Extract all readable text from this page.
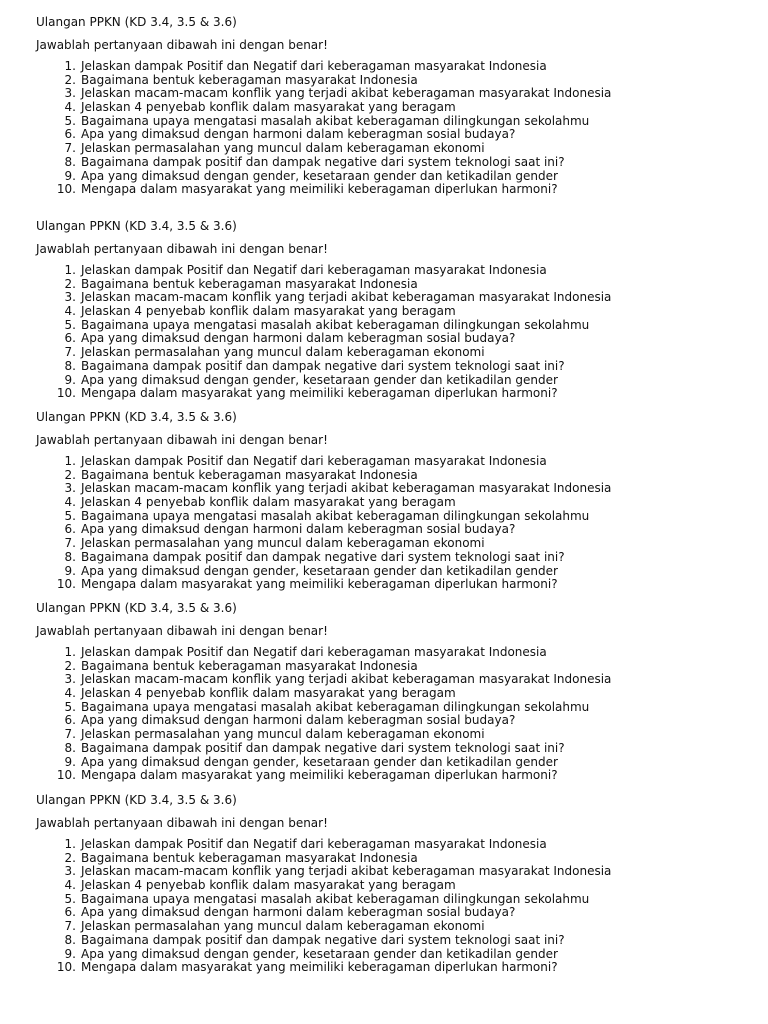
Ulangan PPKN (KD 3.4, 3.5 & 3.6)

Jawablah pertanyaan dibawah ini dengan benar!

1. Jelaskan dampak Positif dan Negatif dari keberagaman masyarakat Indonesia
2. Bagaimana bentuk keberagaman masyarakat Indonesia
3. Jelaskan macam-macam konflik yang terjadi akibat keberagaman masyarakat Indonesia
4. Jelaskan 4 penyebab konflik dalam masyarakat yang beragam
5. Bagaimana upaya mengatasi masalah akibat keberagaman dilingkungan sekolahmu
6. Apa yang dimaksud dengan harmoni dalam keberagman sosial budaya?
7. Jelaskan permasalahan yang muncul dalam keberagaman ekonomi
8. Bagaimana dampak positif dan dampak negative dari system teknologi saat ini?
9. Apa yang dimaksud dengan gender, kesetaraan gender dan ketikadilan gender
10. Mengapa dalam masyarakat yang meimiliki keberagaman diperlukan harmoni?
Ulangan PPKN (KD 3.4, 3.5 & 3.6)

Jawablah pertanyaan dibawah ini dengan benar!

1. Jelaskan dampak Positif dan Negatif dari keberagaman masyarakat Indonesia
2. Bagaimana bentuk keberagaman masyarakat Indonesia
3. Jelaskan macam-macam konflik yang terjadi akibat keberagaman masyarakat Indonesia
4. Jelaskan 4 penyebab konflik dalam masyarakat yang beragam
5. Bagaimana upaya mengatasi masalah akibat keberagaman dilingkungan sekolahmu
6. Apa yang dimaksud dengan harmoni dalam keberagman sosial budaya?
7. Jelaskan permasalahan yang muncul dalam keberagaman ekonomi
8. Bagaimana dampak positif dan dampak negative dari system teknologi saat ini?
9. Apa yang dimaksud dengan gender, kesetaraan gender dan ketikadilan gender
10. Mengapa dalam masyarakat yang meimiliki keberagaman diperlukan harmoni?
Ulangan PPKN (KD 3.4, 3.5 & 3.6)

Jawablah pertanyaan dibawah ini dengan benar!

1. Jelaskan dampak Positif dan Negatif dari keberagaman masyarakat Indonesia
2. Bagaimana bentuk keberagaman masyarakat Indonesia
3. Jelaskan macam-macam konflik yang terjadi akibat keberagaman masyarakat Indonesia
4. Jelaskan 4 penyebab konflik dalam masyarakat yang beragam
5. Bagaimana upaya mengatasi masalah akibat keberagaman dilingkungan sekolahmu
6. Apa yang dimaksud dengan harmoni dalam keberagman sosial budaya?
7. Jelaskan permasalahan yang muncul dalam keberagaman ekonomi
8. Bagaimana dampak positif dan dampak negative dari system teknologi saat ini?
9. Apa yang dimaksud dengan gender, kesetaraan gender dan ketikadilan gender
10. Mengapa dalam masyarakat yang meimiliki keberagaman diperlukan harmoni?
Ulangan PPKN (KD 3.4, 3.5 & 3.6)

Jawablah pertanyaan dibawah ini dengan benar!

1. Jelaskan dampak Positif dan Negatif dari keberagaman masyarakat Indonesia
2. Bagaimana bentuk keberagaman masyarakat Indonesia
3. Jelaskan macam-macam konflik yang terjadi akibat keberagaman masyarakat Indonesia
4. Jelaskan 4 penyebab konflik dalam masyarakat yang beragam
5. Bagaimana upaya mengatasi masalah akibat keberagaman dilingkungan sekolahmu
6. Apa yang dimaksud dengan harmoni dalam keberagman sosial budaya?
7. Jelaskan permasalahan yang muncul dalam keberagaman ekonomi
8. Bagaimana dampak positif dan dampak negative dari system teknologi saat ini?
9. Apa yang dimaksud dengan gender, kesetaraan gender dan ketikadilan gender
10. Mengapa dalam masyarakat yang meimiliki keberagaman diperlukan harmoni?
Ulangan PPKN (KD 3.4, 3.5 & 3.6)

Jawablah pertanyaan dibawah ini dengan benar!

1. Jelaskan dampak Positif dan Negatif dari keberagaman masyarakat Indonesia
2. Bagaimana bentuk keberagaman masyarakat Indonesia
3. Jelaskan macam-macam konflik yang terjadi akibat keberagaman masyarakat Indonesia
4. Jelaskan 4 penyebab konflik dalam masyarakat yang beragam
5. Bagaimana upaya mengatasi masalah akibat keberagaman dilingkungan sekolahmu
6. Apa yang dimaksud dengan harmoni dalam keberagman sosial budaya?
7. Jelaskan permasalahan yang muncul dalam keberagaman ekonomi
8. Bagaimana dampak positif dan dampak negative dari system teknologi saat ini?
9. Apa yang dimaksud dengan gender, kesetaraan gender dan ketikadilan gender
10. Mengapa dalam masyarakat yang meimiliki keberagaman diperlukan harmoni?
